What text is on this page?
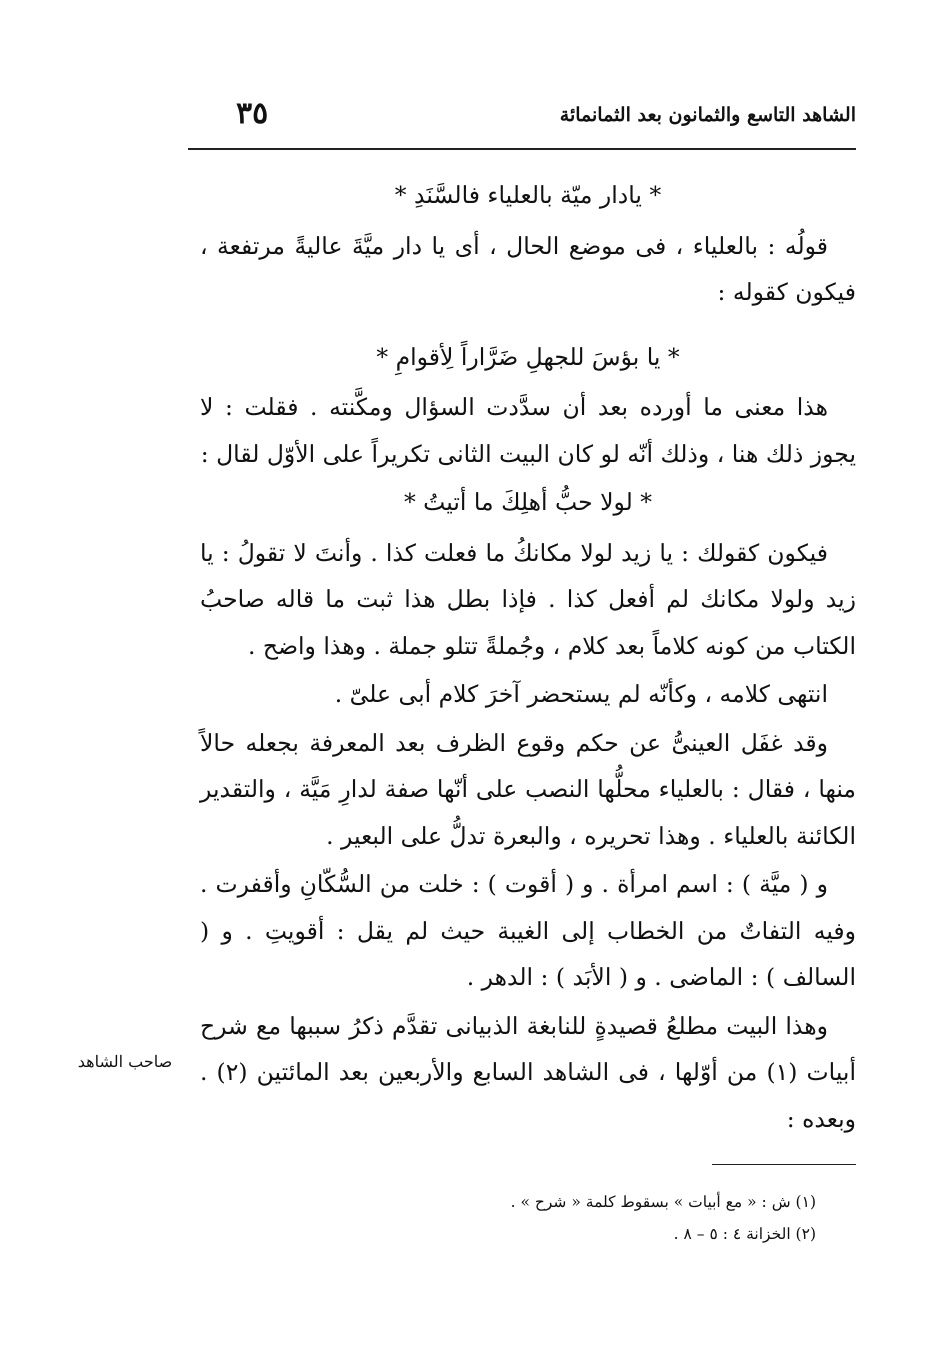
الشاهد التاسع والثمانون بعد الثمانمائة
٣٥
* يادار ميّة بالعلياء فالسَّنَدِ *

قولُه : بالعلياء ، فى موضع الحال ، أى يا دار ميَّةَ عاليةً مرتفعة ، فيكون كقوله :

* يا بؤسَ للجهلِ ضَرَّاراً لِأقوامِ *

هذا معنى ما أورده بعد أن سدَّدت السؤال ومكَّنته . فقلت : لا يجوز ذلك هنا ، وذلك أنّه لو كان البيت الثانى تكريراً على الأوّل لقال :

* لولا حبُّ أهلِكَ ما أتيتُ *

فيكون كقولك : يا زيد لولا مكانكُ ما فعلت كذا . وأنتَ لا تقولُ : يا زيد ولولا مكانك لم أفعل كذا . فإذا بطل هذا ثبت ما قاله صاحبُ الكتاب من كونه كلاماً بعد كلام ، وجُملةً تتلو جملة . وهذا واضح .

انتهى كلامه ، وكأنّه لم يستحضر آخرَ كلام أبى علىّ .

وقد غفَل العينىُّ عن حكم وقوع الظرف بعد المعرفة بجعله حالاً منها ، فقال : بالعلياء محلُّها النصب على أنّها صفة لدارِ مَيَّة ، والتقدير الكائنة بالعلياء . وهذا تحريره ، والبعرة تدلُّ على البعير .

و ( ميَّة ) : اسم امرأة . و ( أقوت ) : خلت من السُّكّانِ وأقفرت . وفيه التفاتٌ من الخطاب إلى الغيبة حيث لم يقل : أقويتِ . و ( السالف ) : الماضى . و ( الأبَد ) : الدهر .

وهذا البيت مطلعُ قصيدةٍ للنابغة الذبيانى تقدَّم ذكرُ سببها مع شرح أبيات (١) من أوّلها ، فى الشاهد السابع والأربعين بعد المائتين (٢) . وبعده :

صاحب الشاهد
(١) ش : « مع أبيات » بسقوط كلمة « شرح » .
(٢) الخزانة ٤ : ٥ – ٨ .
